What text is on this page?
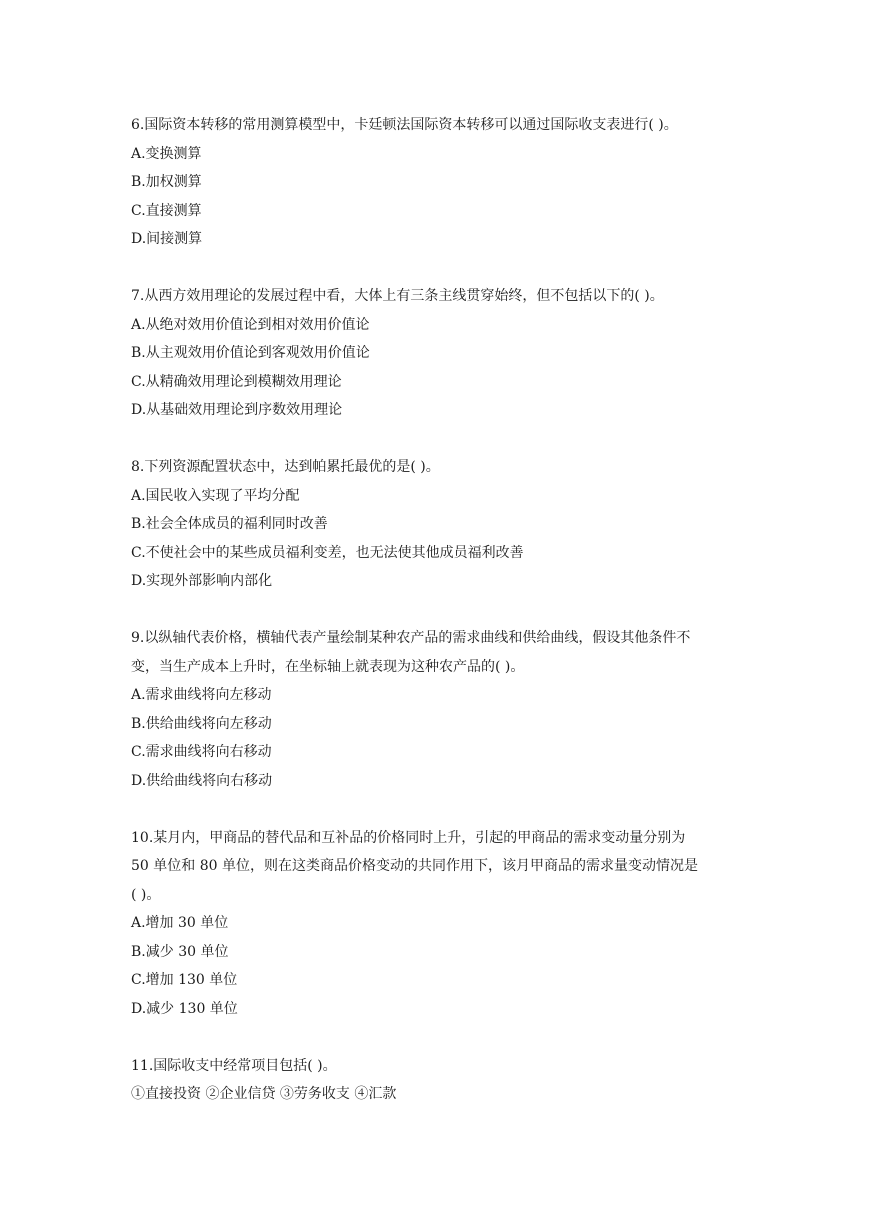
6.国际资本转移的常用测算模型中，卡廷顿法国际资本转移可以通过国际收支表进行( )。

A.变换测算

B.加权测算

C.直接测算

D.间接测算

7.从西方效用理论的发展过程中看，大体上有三条主线贯穿始终，但不包括以下的( )。

A.从绝对效用价值论到相对效用价值论

B.从主观效用价值论到客观效用价值论

C.从精确效用理论到模糊效用理论

D.从基础效用理论到序数效用理论

8.下列资源配置状态中，达到帕累托最优的是( )。

A.国民收入实现了平均分配

B.社会全体成员的福利同时改善

C.不使社会中的某些成员福利变差，也无法使其他成员福利改善

D.实现外部影响内部化

9.以纵轴代表价格，横轴代表产量绘制某种农产品的需求曲线和供给曲线，假设其他条件不

变，当生产成本上升时，在坐标轴上就表现为这种农产品的( )。

A.需求曲线将向左移动

B.供给曲线将向左移动

C.需求曲线将向右移动

D.供给曲线将向右移动

10.某月内，甲商品的替代品和互补品的价格同时上升，引起的甲商品的需求变动量分别为

50 单位和 80 单位，则在这类商品价格变动的共同作用下，该月甲商品的需求量变动情况是

( )。

A.增加 30 单位

B.减少 30 单位

C.增加 130 单位

D.减少 130 单位

11.国际收支中经常项目包括( )。

①直接投资 ②企业信贷 ③劳务收支 ④汇款
